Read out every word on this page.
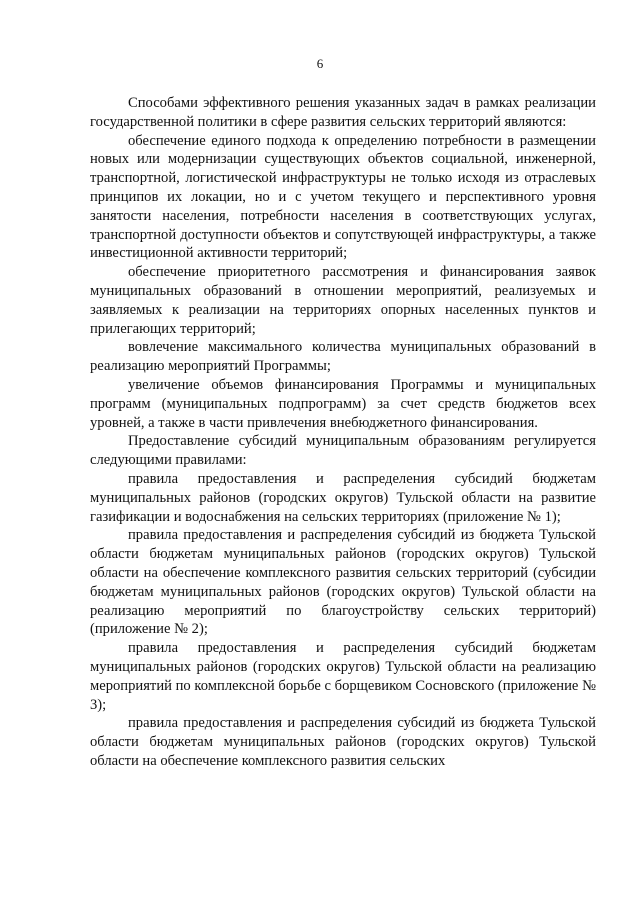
6

Способами эффективного решения указанных задач в рамках реализации государственной политики в сфере развития сельских территорий являются:

обеспечение единого подхода к определению потребности в размещении новых или модернизации существующих объектов социальной, инженерной, транспортной, логистической инфраструктуры не только исходя из отраслевых принципов их локации, но и с учетом текущего и перспективного уровня занятости населения, потребности населения в соответствующих услугах, транспортной доступности объектов и сопутствующей инфраструктуры, а также инвестиционной активности территорий;

обеспечение приоритетного рассмотрения и финансирования заявок муниципальных образований в отношении мероприятий, реализуемых и заявляемых к реализации на территориях опорных населенных пунктов и прилегающих территорий;

вовлечение максимального количества муниципальных образований в реализацию мероприятий Программы;

увеличение объемов финансирования Программы и муниципальных программ (муниципальных подпрограмм) за счет средств бюджетов всех уровней, а также в части привлечения внебюджетного финансирования.

Предоставление субсидий муниципальным образованиям регулируется следующими правилами:

правила предоставления и распределения субсидий бюджетам муниципальных районов (городских округов) Тульской области на развитие газификации и водоснабжения на сельских территориях (приложение № 1);

правила предоставления и распределения субсидий из бюджета Тульской области бюджетам муниципальных районов (городских округов) Тульской области на обеспечение комплексного развития сельских территорий (субсидии бюджетам муниципальных районов (городских округов) Тульской области на реализацию мероприятий по благоустройству сельских территорий) (приложение № 2);

правила предоставления и распределения субсидий бюджетам муниципальных районов (городских округов) Тульской области на реализацию мероприятий по комплексной борьбе с борщевиком Сосновского (приложение № 3);

правила предоставления и распределения субсидий из бюджета Тульской области бюджетам муниципальных районов (городских округов) Тульской области на обеспечение комплексного развития сельских
